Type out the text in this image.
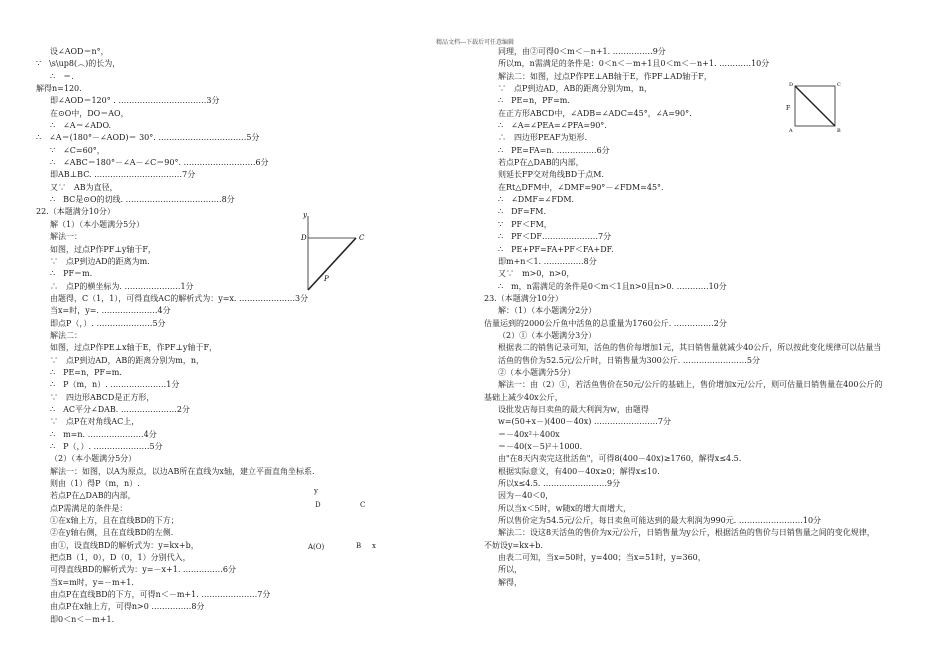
精品文档---下载后可任意编辑
设∠AOD＝n°，
∵　\s\up8(︵)的长为，
∴　＝.
解得n=120.
即∠AOD＝120° . ……………………………3分
在⊙O中，DO＝AO，
∴　∠A＝∠ADO.
∴　∠A＝(180°－∠AOD)＝ 30°. ……………………………5分
∵　∠C=60°，
∴　∠ABC＝180°－∠A－∠C＝90°. ………………………6分
即AB⊥BC. ……………………………7分
又∵　AB为直径，
∴　BC是⊙O的切线. ………………………………8分
22.（本题满分10分）
解（1）（本小题满分5分）
解法一：
如图，过点P作PF⊥y轴于F，
∵　点P到边AD的距离为m.
∴　PF＝m.
∴　点P的横坐标为. …………………1分
由题得，C（1，1），可得直线AC的解析式为：y=x. …………………3分
当x=时，y=. …………………4分
即点P（，）. …………………5分
解法二：
如图，过点P作PE⊥x轴于E，作PF⊥y轴于F，
∵　点P到边AD，AB的距离分别为m，n，
∴　PE=n，PF=m.
∴　P（m，n）. …………………1分
∵　四边形ABCD是正方形，
∴　AC平分∠DAB. …………………2分
∵　点P在对角线AC上，
∴　m=n. …………………4分
∴　P（，）. …………………5分
（2）（本小题满分5分）
解法一：如图，以A为原点，以边AB所在直线为x轴，建立平面直角坐标系.
则由（1）得P（m，n）.
若点P在△DAB的内部，
点P需满足的条件是：
①在x轴上方，且在直线BD的下方；
②在y轴右侧，且在直线BD的左侧.
由①，设直线BD的解析式为：y=kx+b，
把点B（1，0），D（0，1）分别代入，
可得直线BD的解析式为：y=－x+1. ……………6分
当x=m时，y=－m+1.
由点P在直线BD的下方，可得n＜－m+1. …………………7分
由点P在x轴上方，可得n>0 ……………8分
即0＜n＜－m+1.
同理，由②可得0＜m＜－n+1. ……………9分
所以m，n需满足的条件是：0＜n＜－m+1且0＜m＜－n+1. …………10分
解法二：如图，过点P作PE⊥AB轴于E，作PF⊥AD轴于F，
∵　点P到边AD，AB的距离分别为m，n，
∴　PE=n，PF=m.
在正方形ABCD中，∠ADB=∠ADC=45°，∠A=90°.
∴　∠A=∠PEA=∠PFA=90°.
∴　四边形PEAF为矩形.
∴　PE=FA=n. ……………6分
若点P在△DAB的内部，
则延长FP交对角线BD于点M.
在Rt△DFM中，∠DMF=90°－∠FDM=45°.
∴　∠DMF=∠FDM.
∴　DF=FM.
∵　PF＜FM，
∴　PF＜DF…………………7分
∴　PE+PF=FA+PF＜FA+DF.
即m+n＜1. ……………8分
又∵　m>0，n>0，
∴　m，n需满足的条件是0＜m＜1且n>0且n>0. …………10分
23.（本题满分10分）
解：（1）（本小题满分2分）
估量运到的2000公斤鱼中活鱼的总重量为1760公斤. ……………2分
（2）①（本小题满分3分）
根据表二的销售记录可知，活鱼的售价每增加1元，其日销售量就减少40公斤，所以按此变化规律可以估量当
活鱼的售价为52.5元/公斤时，日销售量为300公斤. ……………………5分
②（本小题满分5分）
解法一：由（2）①，若活鱼售价在50元/公斤的基础上，售价增加x元/公斤，则可估量日销售量在400公斤的
基础上减少40x公斤，
设批发店每日卖鱼的最大利润为w，由题得
w=(50+x－)(400－40x) ……………………7分
＝－40x²＋400x
＝－40(x－5)²＋1000.
由"在8天内卖完这批活鱼"，可得8(400－40x)≥1760，解得x≤4.5.
根据实际意义，有400－40x≥0；解得x≤10.
所以x≤4.5. ……………………9分
因为－40＜0，
所以当x＜5时，w随x的增大而增大，
所以售价定为54.5元/公斤，每日卖鱼可能达到的最大利润为990元. ……………………10分
解法二：设这8天活鱼的售价为x元/公斤，日销售量为y公斤，根据活鱼的售价与日销售量之间的变化规律，
不妨设y=kx+b.
由表二可知，当x=50时，y=400；当x=51时，y=360，
所以，
解得，
y
D	C
P
y
D	C
A(O)	B x
D	C
A	B
F
